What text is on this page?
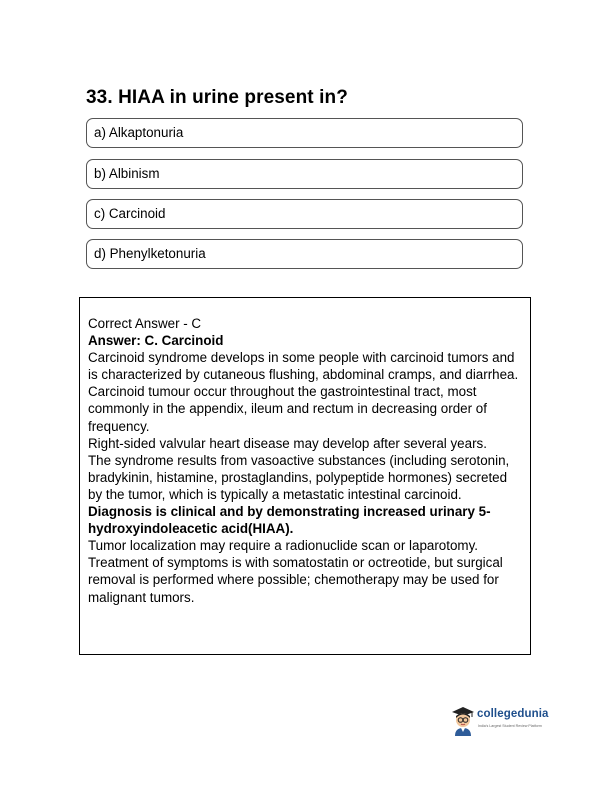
33. HIAA in urine present in?
a) Alkaptonuria
b) Albinism
c) Carcinoid
d) Phenylketonuria

Correct Answer - C

Answer: C. Carcinoid

Carcinoid syndrome develops in some people with carcinoid tumors and is characterized by cutaneous flushing, abdominal cramps, and diarrhea.

Carcinoid tumour occur throughout the gastrointestinal tract, most commonly in the appendix, ileum and rectum in decreasing order of frequency.

Right-sided valvular heart disease may develop after several years.

The syndrome results from vasoactive substances (including serotonin, bradykinin, histamine, prostaglandins, polypeptide hormones) secreted by the tumor, which is typically a metastatic intestinal carcinoid.

Diagnosis is clinical and by demonstrating increased urinary 5-hydroxyindoleacetic acid(HIAA).

Tumor localization may require a radionuclide scan or laparotomy.

Treatment of symptoms is with somatostatin or octreotide, but surgical removal is performed where possible; chemotherapy may be used for malignant tumors.

collegedunia
India's Largest Student Review Platform
